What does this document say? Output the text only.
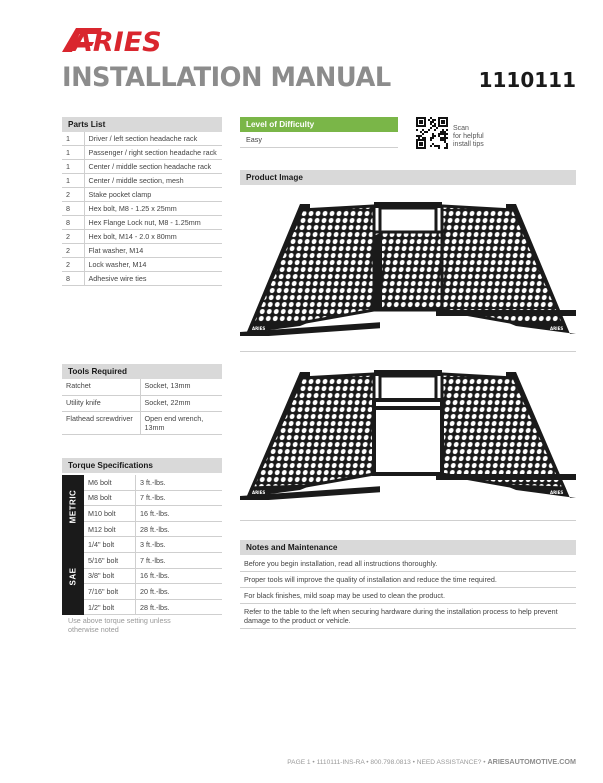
ARIES
INSTALLATION MANUAL	1110111
Parts List
1	Driver / left section headache rack
1	Passenger / right section headache rack
1	Center / middle section headache rack
1	Center / middle section, mesh
2	Stake pocket clamp
8	Hex bolt, M8 - 1.25 x 25mm
8	Hex Flange Lock nut, M8 - 1.25mm
2	Hex bolt, M14 - 2.0 x 80mm
2	Flat washer, M14
2	Lock washer, M14
8	Adhesive wire ties
Tools Required
Ratchet	Socket, 13mm
Utility knife	Socket, 22mm
Flathead screwdriver	Open end wrench, 13mm
Torque Specifications
METRIC
M6 bolt	3 ft.-lbs.
M8 bolt	7 ft.-lbs.
M10 bolt	16 ft.-lbs.
M12 bolt	28 ft.-lbs.
SAE
1/4" bolt	3 ft.-lbs.
5/16" bolt	7 ft.-lbs.
3/8" bolt	16 ft.-lbs.
7/16" bolt	20 ft.-lbs.
1/2" bolt	28 ft.-lbs.
Use above torque setting unless otherwise noted
Level of Difficulty
Easy
Scan
for helpful
install tips
Product Image
ARIES	ARIES
ARIES	ARIES
Notes and Maintenance
Before you begin installation, read all instructions thoroughly.
Proper tools will improve the quality of installation and reduce the time required.
For black finishes, mild soap may be used to clean the product.
Refer to the table to the left when securing hardware during the installation process to help prevent damage to the product or vehicle.
PAGE 1 • 1110111-INS-RA • 800.798.0813 • NEED ASSISTANCE? • ARIESAUTOMOTIVE.COM
